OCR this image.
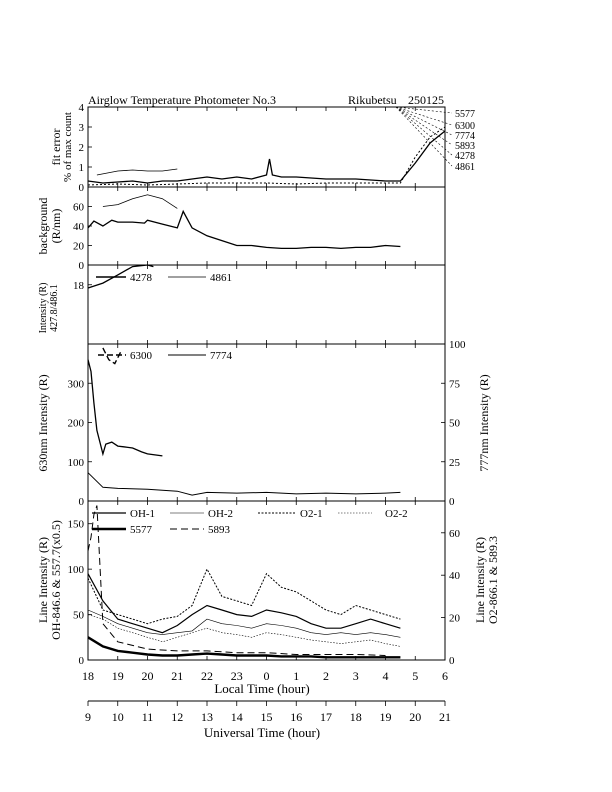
Airglow Temperature Photometer No.3	Rikubetsu 250125
fit error % of max count
background (R/nm)
Intensity (R) 427.8/486.1
4278	4861
630nm Intensity (R)	777nm Intensity (R)
6300	7774
Line Intensity (R) OH-846.6 & 557.7(x0.5)	Line Intensity (R) O2-866.1 & 589.3
OH-1	OH-2	O2-1	O2-2
5577	5893
Local Time (hour)
Universal Time (hour)
18 19 20 21 22 23 0 1 2 3 4 5 6
9 10 11 12 13 14 15 16 17 18 19 20 21
0
1
2
3
4
0
20
40
60
18
0
100
200
300
0
25
50
75
100
0
50
100
150
0
20
40
60
5577
6300
7774
5893
4278
4861
